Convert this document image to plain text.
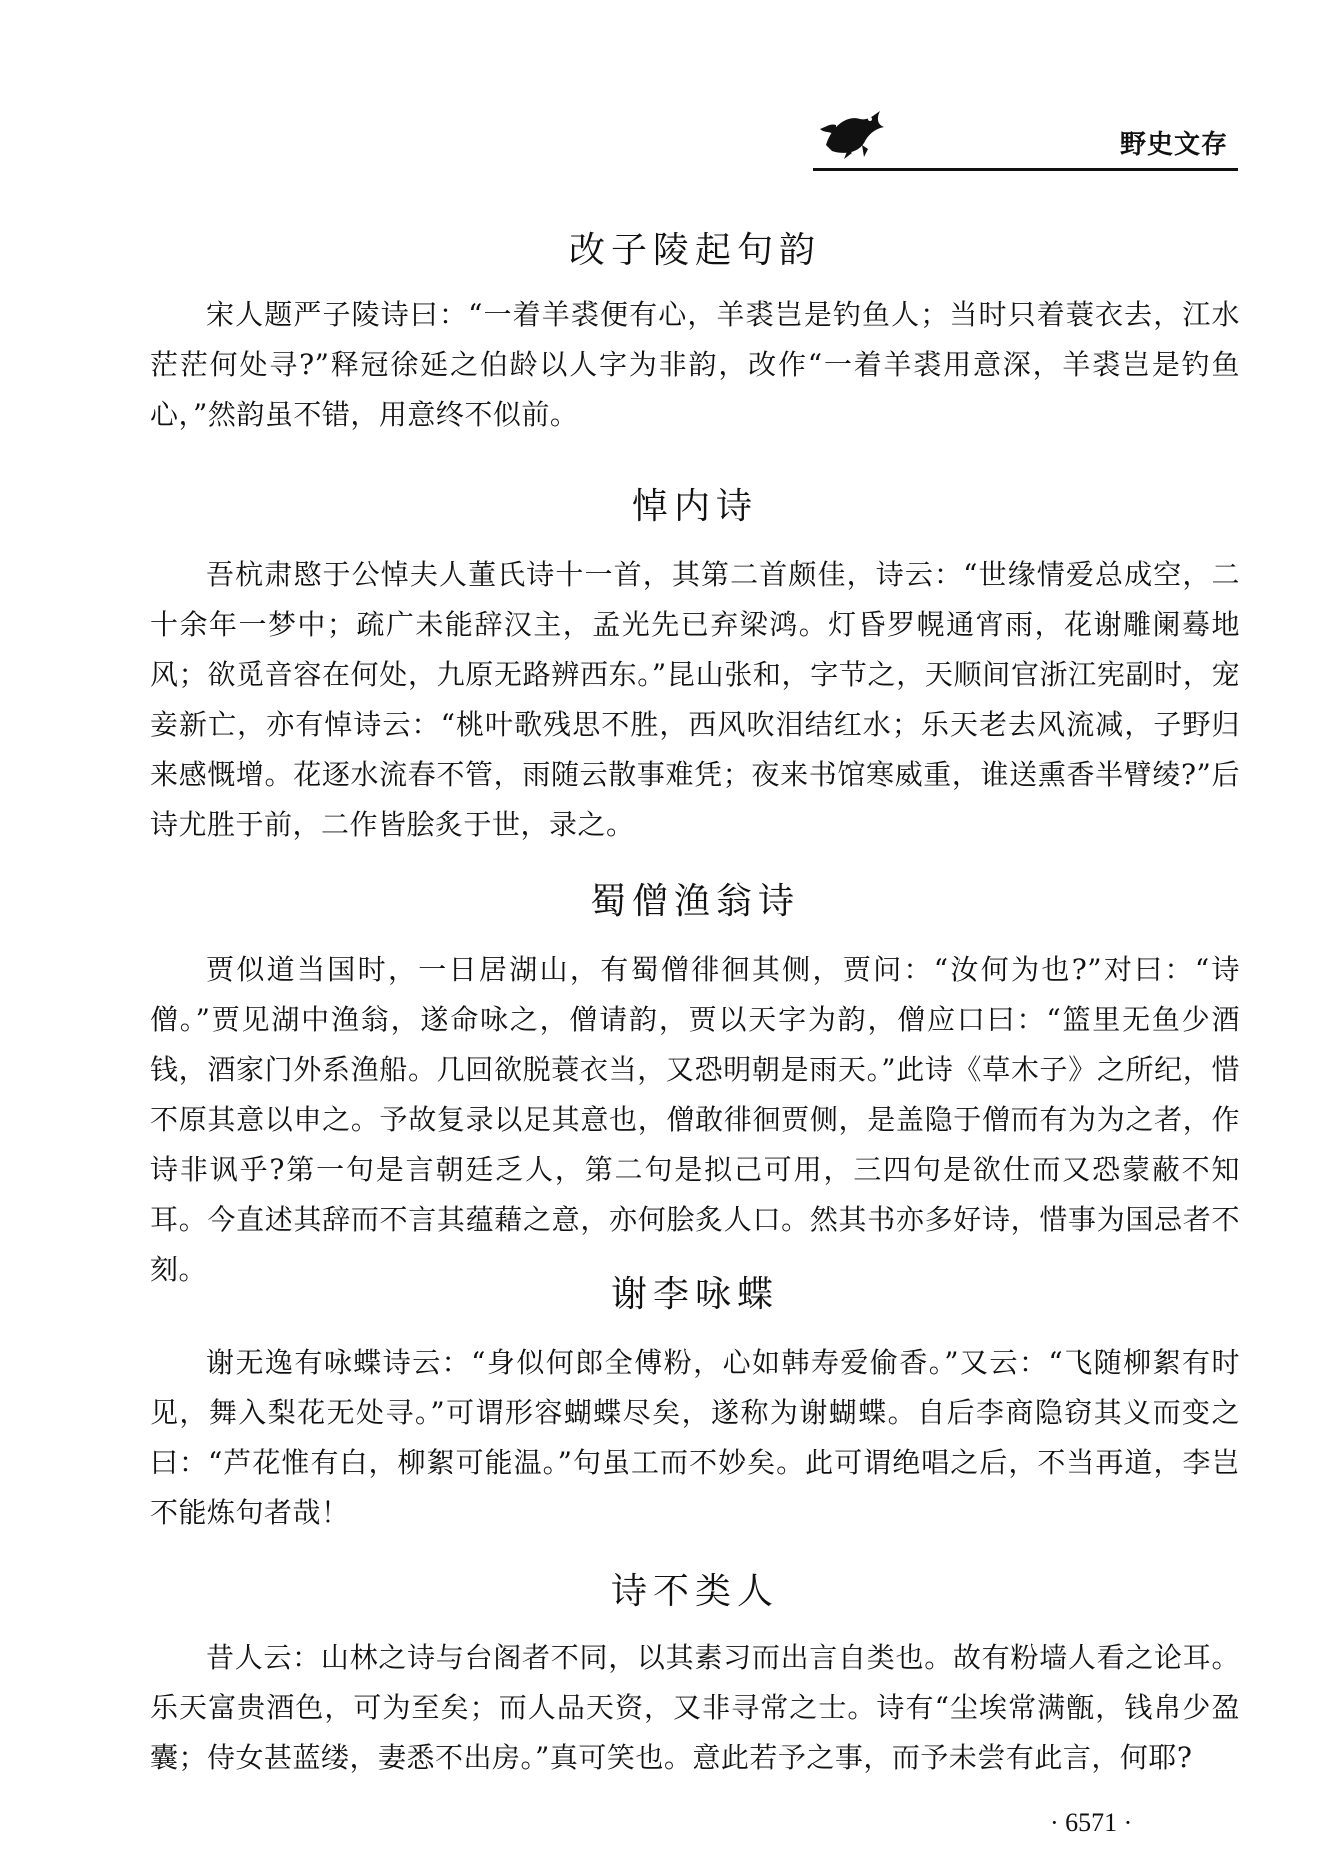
野史文存
改子陵起句韵

宋人题严子陵诗曰：“一着羊裘便有心，羊裘岂是钓鱼人；当时只着蓑衣去，江水茫茫何处寻?”释冠徐延之伯龄以人字为非韵，改作“一着羊裘用意深，羊裘岂是钓鱼心，”然韵虽不错，用意终不似前。

悼内诗

吾杭肃愍于公悼夫人董氏诗十一首，其第二首颇佳，诗云：“世缘情爱总成空，二十余年一梦中；疏广未能辞汉主，孟光先已弃梁鸿。灯昏罗幌通宵雨，花谢雕阑蓦地风；欲觅音容在何处，九原无路辨西东。”昆山张和，字节之，天顺间官浙江宪副时，宠妾新亡，亦有悼诗云：“桃叶歌残思不胜，西风吹泪结红水；乐天老去风流减，子野归来感慨增。花逐水流春不管，雨随云散事难凭；夜来书馆寒威重，谁送熏香半臂绫?”后诗尤胜于前，二作皆脍炙于世，录之。

蜀僧渔翁诗

贾似道当国时，一日居湖山，有蜀僧徘徊其侧，贾问：“汝何为也?”对曰：“诗僧。”贾见湖中渔翁，遂命咏之，僧请韵，贾以天字为韵，僧应口曰：“篮里无鱼少酒钱，酒家门外系渔船。几回欲脱蓑衣当，又恐明朝是雨天。”此诗《草木子》之所纪，惜不原其意以申之。予故复录以足其意也，僧敢徘徊贾侧，是盖隐于僧而有为为之者，作诗非讽乎?第一句是言朝廷乏人，第二句是拟己可用，三四句是欲仕而又恐蒙蔽不知耳。今直述其辞而不言其蕴藉之意，亦何脍炙人口。然其书亦多好诗，惜事为国忌者不刻。

谢李咏蝶

谢无逸有咏蝶诗云：“身似何郎全傅粉，心如韩寿爱偷香。”又云：“飞随柳絮有时见，舞入梨花无处寻。”可谓形容蝴蝶尽矣，遂称为谢蝴蝶。自后李商隐窃其义而变之曰：“芦花惟有白，柳絮可能温。”句虽工而不妙矣。此可谓绝唱之后，不当再道，李岂不能炼句者哉！

诗不类人

昔人云：山林之诗与台阁者不同，以其素习而出言自类也。故有粉墙人看之论耳。乐天富贵酒色，可为至矣；而人品天资，又非寻常之士。诗有“尘埃常满甑，钱帛少盈囊；侍女甚蓝缕，妻悉不出房。”真可笑也。意此若予之事，而予未尝有此言，何耶?

· 6571 ·
